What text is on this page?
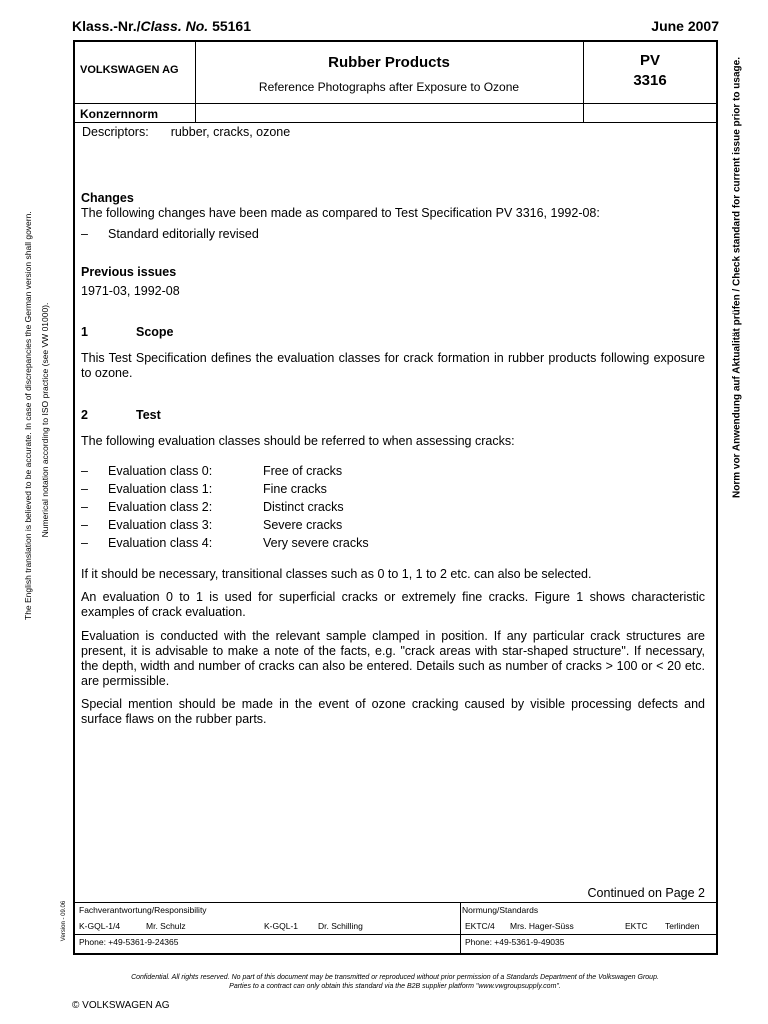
Klass.-Nr./Class. No. 55161	June 2007
VOLKSWAGEN AG	Rubber Products
Reference Photographs after Exposure to Ozone
PV
3316
Konzernnorm
Descriptors: rubber, cracks, ozone
Changes
The following changes have been made as compared to Test Specification PV 3316, 1992-08:
– Standard editorially revised
Previous issues
1971-03, 1992-08
1	Scope
This Test Specification defines the evaluation classes for crack formation in rubber products following exposure to ozone.
2	Test
The following evaluation classes should be referred to when assessing cracks:
– Evaluation class 0:	Free of cracks
– Evaluation class 1:	Fine cracks
– Evaluation class 2:	Distinct cracks
– Evaluation class 3:	Severe cracks
– Evaluation class 4:	Very severe cracks
If it should be necessary, transitional classes such as 0 to 1, 1 to 2 etc. can also be selected.
An evaluation 0 to 1 is used for superficial cracks or extremely fine cracks. Figure 1 shows characteristic examples of crack evaluation.
Evaluation is conducted with the relevant sample clamped in position. If any particular crack structures are present, it is advisable to make a note of the facts, e.g. "crack areas with star-shaped structure". If necessary, the depth, width and number of cracks can also be entered. Details such as number of cracks > 100 or < 20 etc. are permissible.
Special mention should be made in the event of ozone cracking caused by visible processing defects and surface flaws on the rubber parts.
Continued on Page 2
Fachverantwortung/Responsibility
K-GQL-1/4	Mr. Schulz	K-GQL-1 Dr. Schilling
Phone: +49-5361-9-24365
Normung/Standards
EKTC/4 Mrs. Hager-Süss	EKTC Terlinden
Phone: +49-5361-9-49035
Version - 09.06
The English translation is believed to be accurate. In case of discrepancies the German version shall govern. Numerical notation according to ISO practice (see VW 01000).	Norm vor Anwendung auf Aktualität prüfen / Check standard for current issue prior to usage.
Confidential. All rights reserved. No part of this document may be transmitted or reproduced without prior permission of a Standards Department of the Volkswagen Group.
Parties to a contract can only obtain this standard via the B2B supplier platform "www.vwgroupsupply.com".
© VOLKSWAGEN AG
